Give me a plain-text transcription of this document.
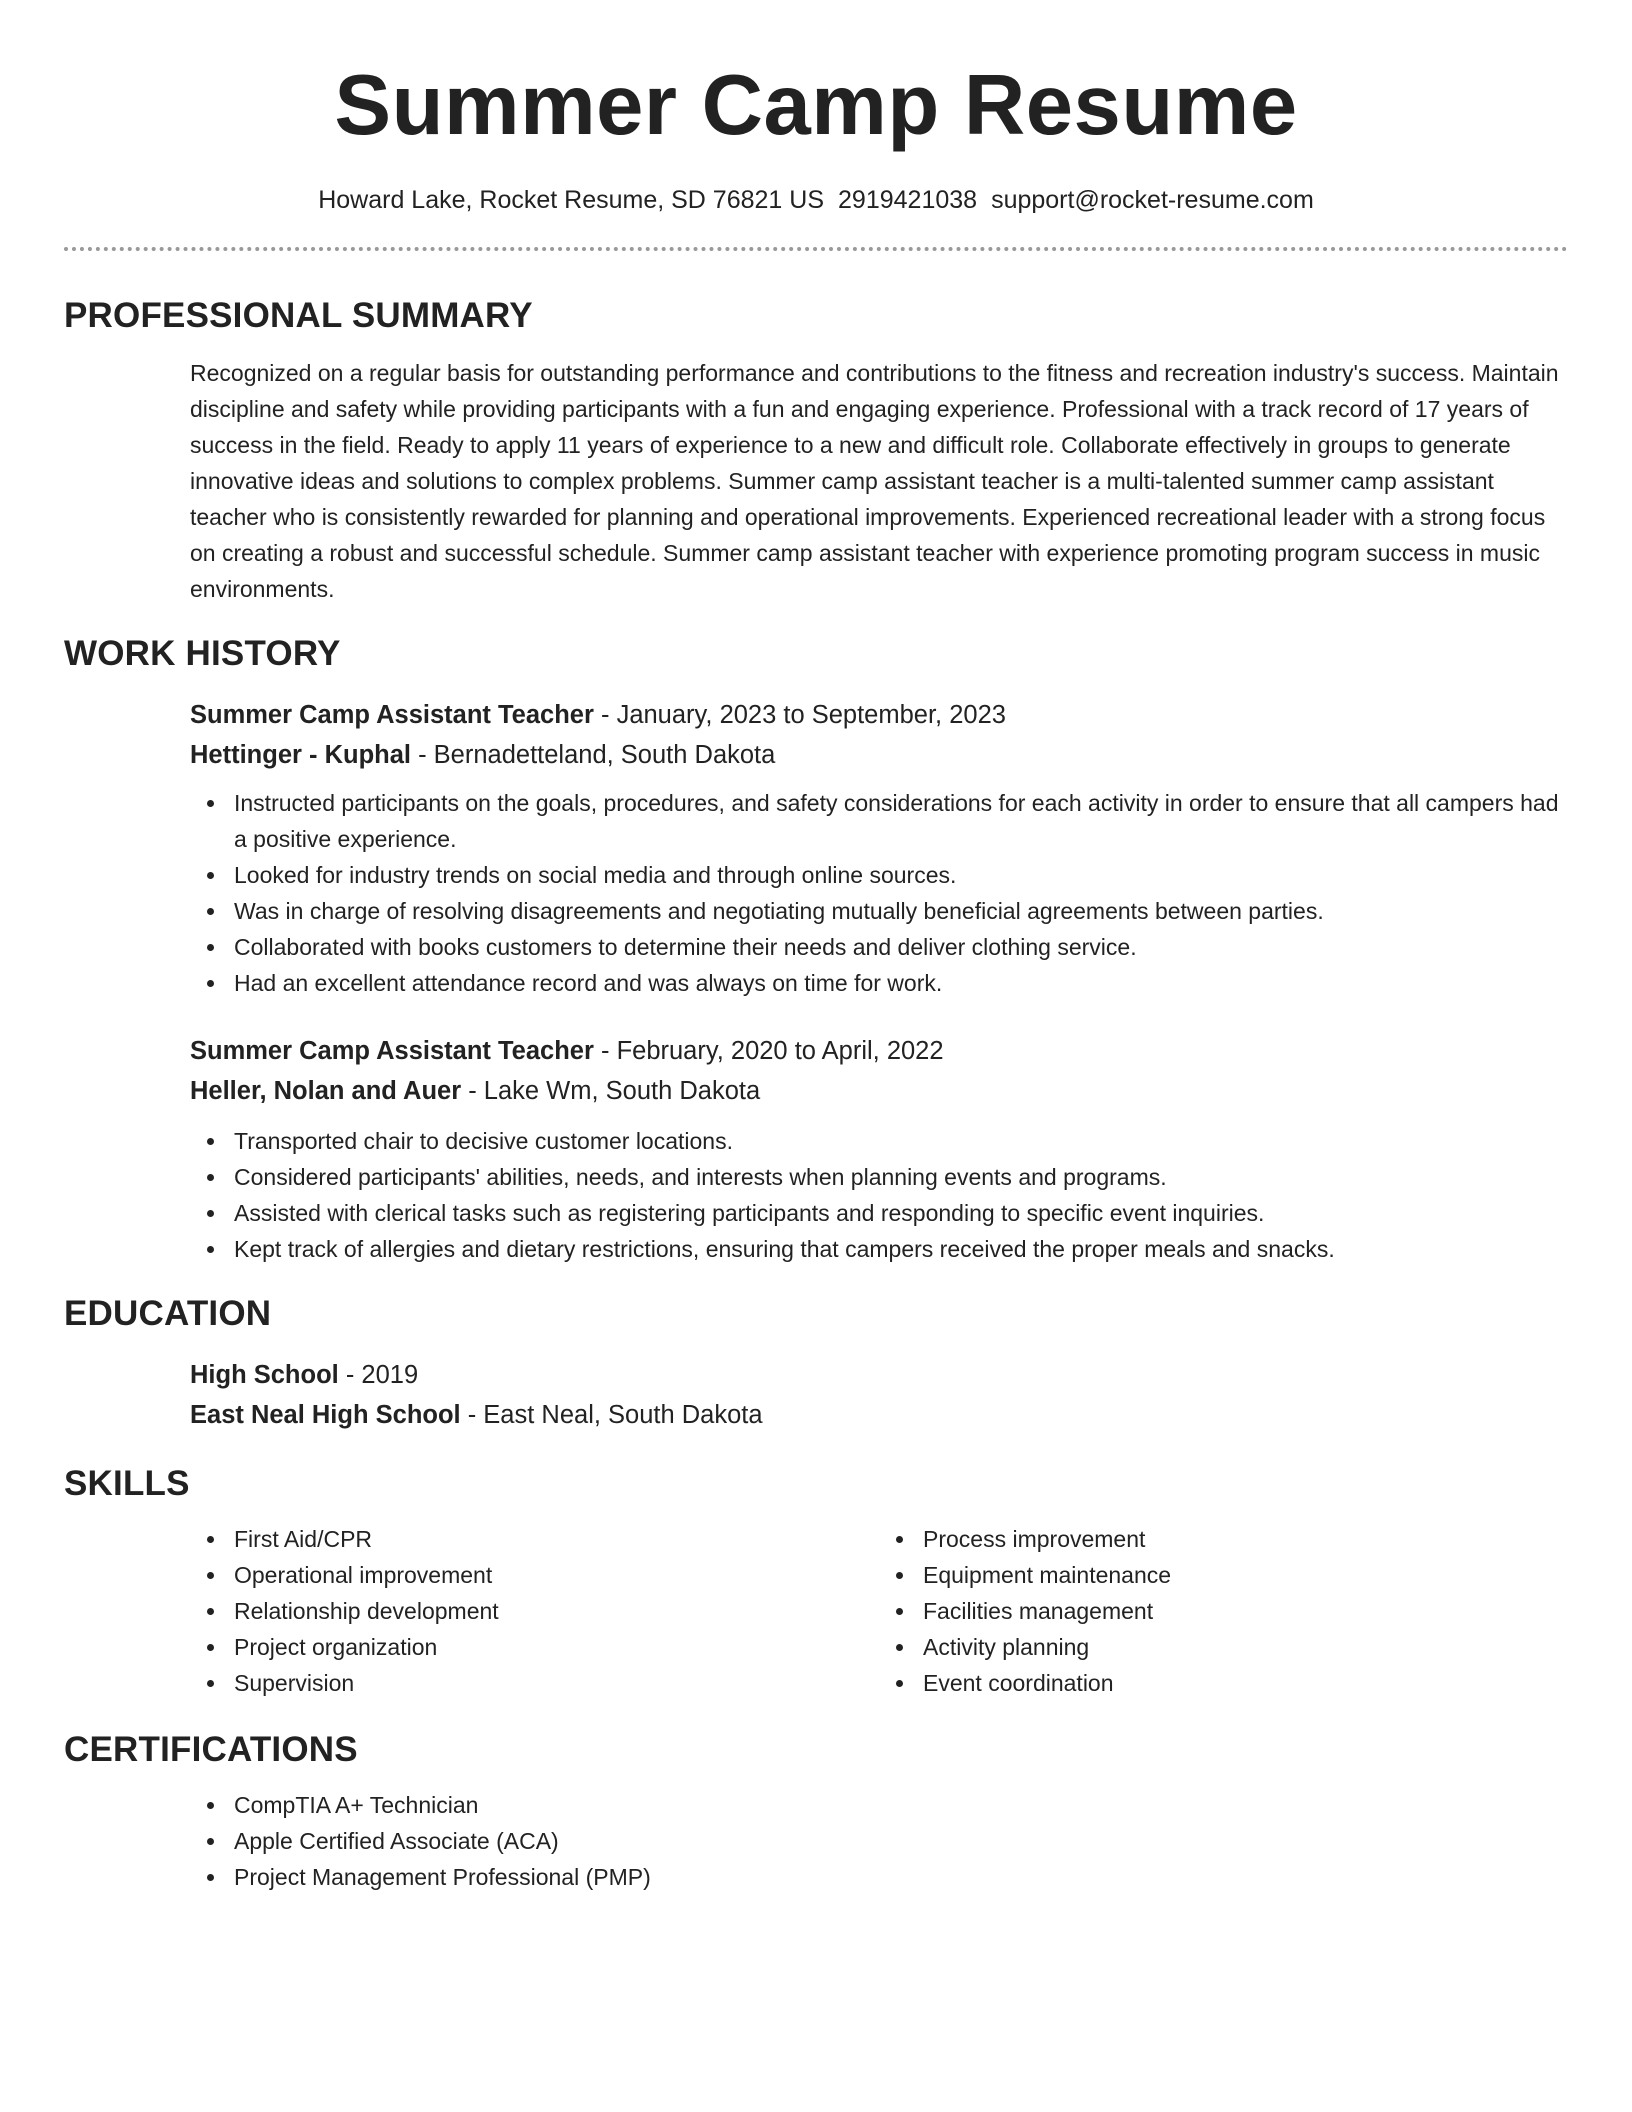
Summer Camp Resume
Howard Lake, Rocket Resume, SD 76821 US 2919421038 support@rocket-resume.com
PROFESSIONAL SUMMARY

Recognized on a regular basis for outstanding performance and contributions to the fitness and recreation industry's success. Maintain discipline and safety while providing participants with a fun and engaging experience. Professional with a track record of 17 years of success in the field. Ready to apply 11 years of experience to a new and difficult role. Collaborate effectively in groups to generate innovative ideas and solutions to complex problems. Summer camp assistant teacher is a multi-talented summer camp assistant teacher who is consistently rewarded for planning and operational improvements. Experienced recreational leader with a strong focus on creating a robust and successful schedule. Summer camp assistant teacher with experience promoting program success in music environments.

WORK HISTORY
Summer Camp Assistant Teacher - January, 2023 to September, 2023
Hettinger - Kuphal - Bernadetteland, South Dakota
Instructed participants on the goals, procedures, and safety considerations for each activity in order to ensure that all campers had a positive experience.
Looked for industry trends on social media and through online sources.
Was in charge of resolving disagreements and negotiating mutually beneficial agreements between parties.
Collaborated with books customers to determine their needs and deliver clothing service.
Had an excellent attendance record and was always on time for work.
Summer Camp Assistant Teacher - February, 2020 to April, 2022
Heller, Nolan and Auer - Lake Wm, South Dakota
Transported chair to decisive customer locations.
Considered participants' abilities, needs, and interests when planning events and programs.
Assisted with clerical tasks such as registering participants and responding to specific event inquiries.
Kept track of allergies and dietary restrictions, ensuring that campers received the proper meals and snacks.
EDUCATION
High School - 2019
East Neal High School - East Neal, South Dakota
SKILLS
First Aid/CPR
Operational improvement
Relationship development
Project organization
Supervision
Process improvement
Equipment maintenance
Facilities management
Activity planning
Event coordination
CERTIFICATIONS
CompTIA A+ Technician
Apple Certified Associate (ACA)
Project Management Professional (PMP)
